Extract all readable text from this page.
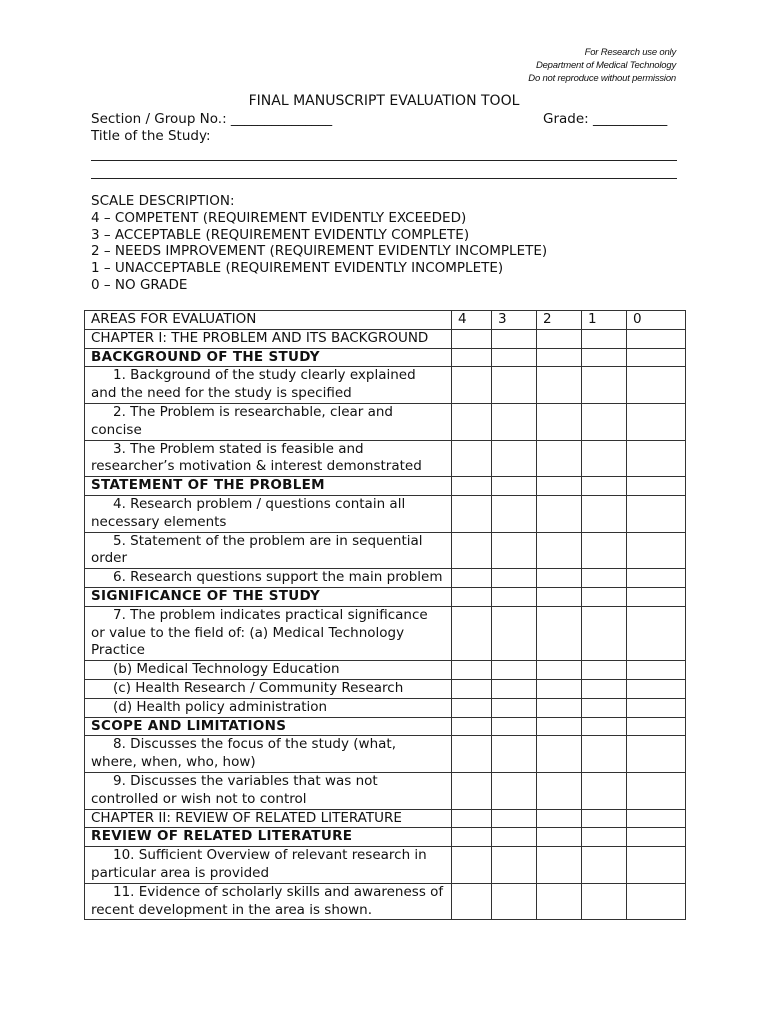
For Research use only
Department of Medical Technology
Do not reproduce without permission
FINAL MANUSCRIPT EVALUATION TOOL
Section / Group No.: _______________	Grade: ___________
Title of the Study:
SCALE DESCRIPTION:
4 – COMPETENT (REQUIREMENT EVIDENTLY EXCEEDED)
3 – ACCEPTABLE (REQUIREMENT EVIDENTLY COMPLETE)
2 – NEEDS IMPROVEMENT (REQUIREMENT EVIDENTLY INCOMPLETE)
1 – UNACCEPTABLE (REQUIREMENT EVIDENTLY INCOMPLETE)
0 – NO GRADE
AREAS FOR EVALUATION	4	3	2	1	0
CHAPTER I: THE PROBLEM AND ITS BACKGROUND					
BACKGROUND OF THE STUDY					
1. Background of the study clearly explained and the need for the study is specified					
2. The Problem is researchable, clear and concise					
3. The Problem stated is feasible and researcher’s motivation & interest demonstrated					
STATEMENT OF THE PROBLEM					
4. Research problem / questions contain all necessary elements					
5. Statement of the problem are in sequential order					
6. Research questions support the main problem					
SIGNIFICANCE OF THE STUDY					
7. The problem indicates practical significance or value to the field of: (a) Medical Technology Practice					
(b) Medical Technology Education					
(c) Health Research / Community Research					
(d) Health policy administration					
SCOPE AND LIMITATIONS					
8. Discusses the focus of the study (what, where, when, who, how)					
9. Discusses the variables that was not controlled or wish not to control					
CHAPTER II: REVIEW OF RELATED LITERATURE					
REVIEW OF RELATED LITERATURE					
10. Sufficient Overview of relevant research in particular area is provided					
11. Evidence of scholarly skills and awareness of recent development in the area is shown.					
